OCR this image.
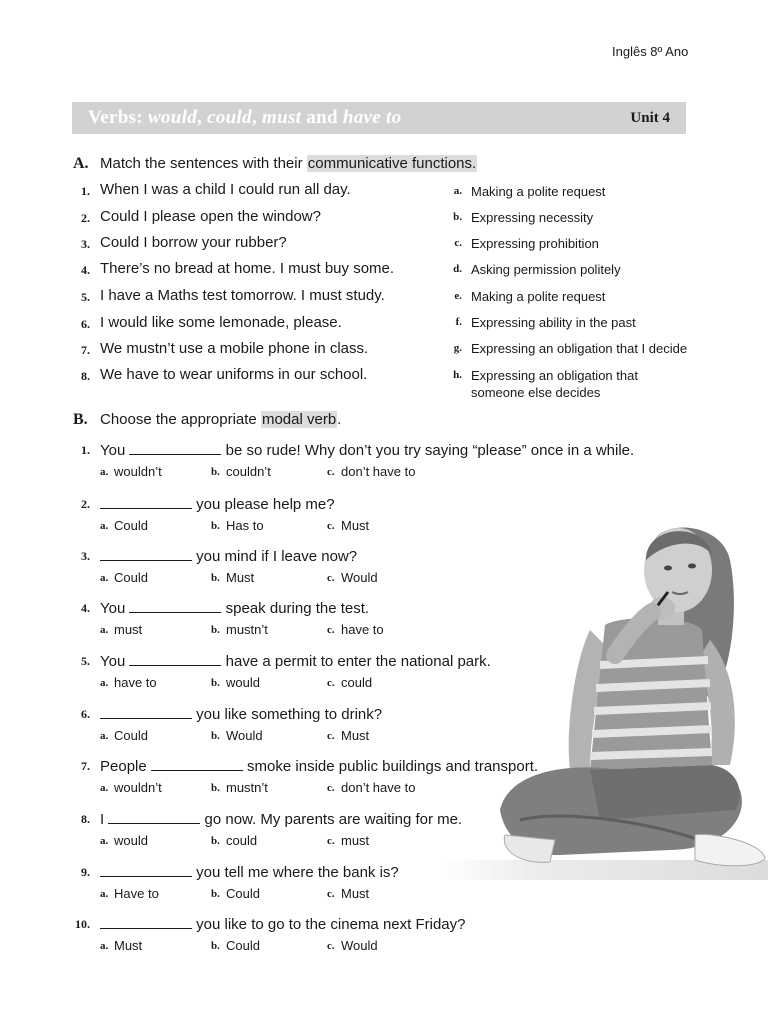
Inglês 8º Ano
Verbs: would, could, must and have to	Unit 4
A. Match the sentences with their communicative functions.
1. When I was a child I could run all day.
2. Could I please open the window?
3. Could I borrow your rubber?
4. There’s no bread at home. I must buy some.
5. I have a Maths test tomorrow. I must study.
6. I would like some lemonade, please.
7. We mustn’t use a mobile phone in class.
8. We have to wear uniforms in our school.
a. Making a polite request
b. Expressing necessity
c. Expressing prohibition
d. Asking permission politely
e. Making a polite request
f. Expressing ability in the past
g. Expressing an obligation that I decide
h. Expressing an obligation that
someone else decides
B. Choose the appropriate modal verb.
1. You	be so rude! Why don’t you try saying “please” once in a while.
a. wouldn’t	b. couldn’t	c. don’t have to
2.	you please help me?
a. Could	b. Has to	c. Must
3.	you mind if I leave now?
a. Could	b. Must	c. Would
4. You	speak during the test.
a. must	b. mustn’t	c. have to
5. You	have a permit to enter the national park.
a. have to	b. would	c. could
6.	you like something to drink?
a. Could	b. Would	c. Must
7. People	smoke inside public buildings and transport.
a. wouldn’t	b. mustn’t	c. don’t have to
8. I	go now. My parents are waiting for me.
a. would	b. could	c. must
9.	you tell me where the bank is?
a. Have to	b. Could	c. Must
10.	you like to go to the cinema next Friday?
a. Must	b. Could	c. Would
